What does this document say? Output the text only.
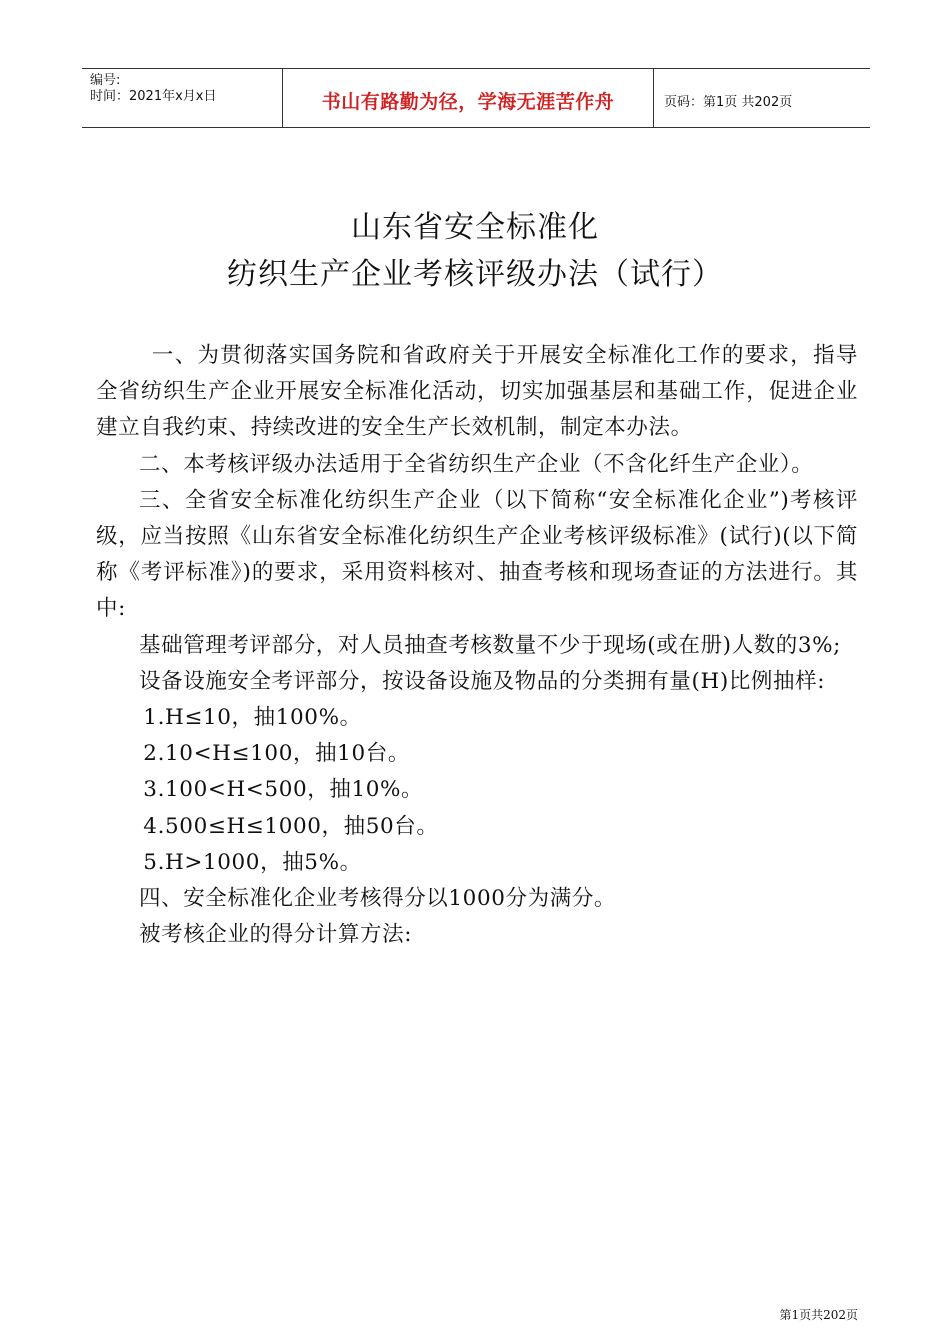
编号:
时间：2021年x月x日	书山有路勤为径，学海无涯苦作舟	页码：第1页 共202页
山东省安全标准化
纺织生产企业考核评级办法（试行）

一、为贯彻落实国务院和省政府关于开展安全标准化工作的要求，指导全省纺织生产企业开展安全标准化活动，切实加强基层和基础工作，促进企业建立自我约束、持续改进的安全生产长效机制，制定本办法。

二、本考核评级办法适用于全省纺织生产企业（不含化纤生产企业）。

三、全省安全标准化纺织生产企业（以下简称“安全标准化企业”)考核评级，应当按照《山东省安全标准化纺织生产企业考核评级标准》(试行)(以下简称《考评标准》)的要求，采用资料核对、抽查考核和现场查证的方法进行。其中:

基础管理考评部分，对人员抽查考核数量不少于现场(或在册)人数的3%;

设备设施安全考评部分，按设备设施及物品的分类拥有量(H)比例抽样:

1.H≤10，抽100%。

2.10<H≤100，抽10台。

3.100<H<500，抽10%。

4.500≤H≤1000，抽50台。

5.H>1000，抽5%。

四、安全标准化企业考核得分以1000分为满分。

被考核企业的得分计算方法:

第1页共202页
